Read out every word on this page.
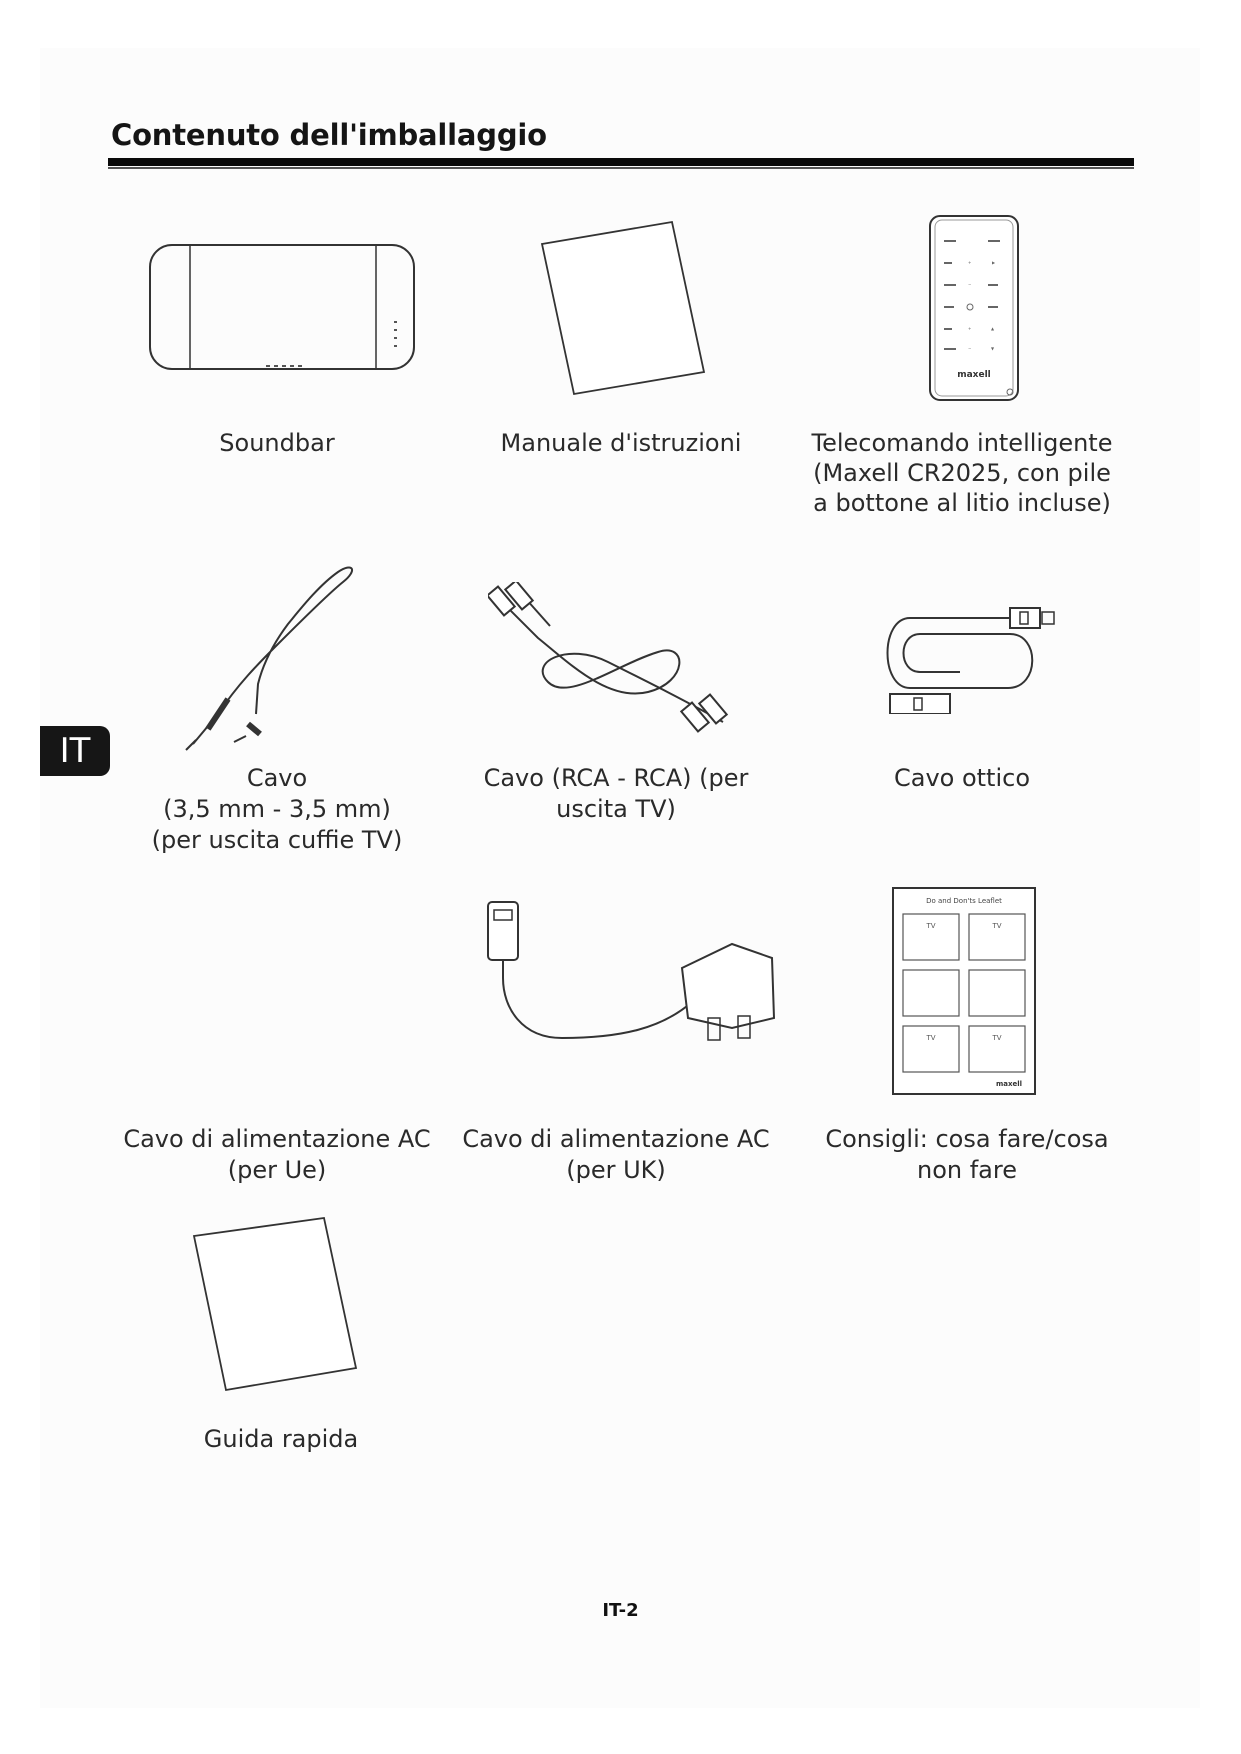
Contenuto dell'imballaggio
IT
+	▶
−
+	▲
−	▼
maxell
Soundbar	Manuale d'istruzioni	Telecomando intelligente (Maxell CR2025, con pile a bottone al litio incluse)
Cavo
(3,5 mm - 3,5 mm)
(per uscita cuffie TV)
Cavo (RCA - RCA) (per uscita TV)
Cavo ottico
Do and Don'ts Leaflet
TV	TV
TV	TV
maxell
Cavo di alimentazione AC (per Ue)
Cavo di alimentazione AC (per UK)
Consigli: cosa fare/cosa non fare
Guida rapida
IT-2
